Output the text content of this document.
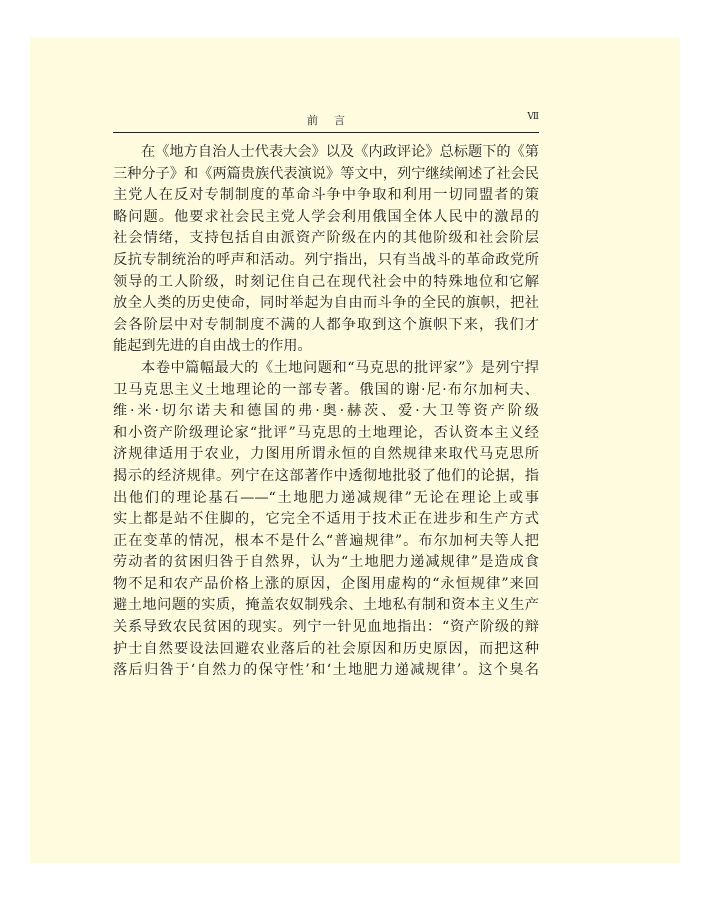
前言	Ⅶ
在《地方自治人士代表大会》以及《内政评论》总标题下的《第
三种分子》和《两篇贵族代表演说》等文中，列宁继续阐述了社会民
主党人在反对专制制度的革命斗争中争取和利用一切同盟者的策
略问题。他要求社会民主党人学会利用俄国全体人民中的激昂的
社会情绪，支持包括自由派资产阶级在内的其他阶级和社会阶层
反抗专制统治的呼声和活动。列宁指出，只有当战斗的革命政党所
领导的工人阶级，时刻记住自己在现代社会中的特殊地位和它解
放全人类的历史使命，同时举起为自由而斗争的全民的旗帜，把社
会各阶层中对专制制度不满的人都争取到这个旗帜下来，我们才
能起到先进的自由战士的作用。
本卷中篇幅最大的《土地问题和“马克思的批评家”》是列宁捍
卫马克思主义土地理论的一部专著。俄国的谢·尼·布尔加柯夫、
维·米·切尔诺夫和德国的弗·奥·赫茨、爱·大卫等资产阶级
和小资产阶级理论家“批评”马克思的土地理论，否认资本主义经
济规律适用于农业，力图用所谓永恒的自然规律来取代马克思所
揭示的经济规律。列宁在这部著作中透彻地批驳了他们的论据，指
出他们的理论基石——“土地肥力递减规律”无论在理论上或事
实上都是站不住脚的，它完全不适用于技术正在进步和生产方式
正在变革的情况，根本不是什么“普遍规律”。布尔加柯夫等人把
劳动者的贫困归咎于自然界，认为“土地肥力递减规律”是造成食
物不足和农产品价格上涨的原因，企图用虚构的“永恒规律”来回
避土地问题的实质，掩盖农奴制残余、土地私有制和资本主义生产
关系导致农民贫困的现实。列宁一针见血地指出：“资产阶级的辩
护士自然要设法回避农业落后的社会原因和历史原因，而把这种
落后归咎于‘自然力的保守性’和‘土地肥力递减规律’。这个臭名
